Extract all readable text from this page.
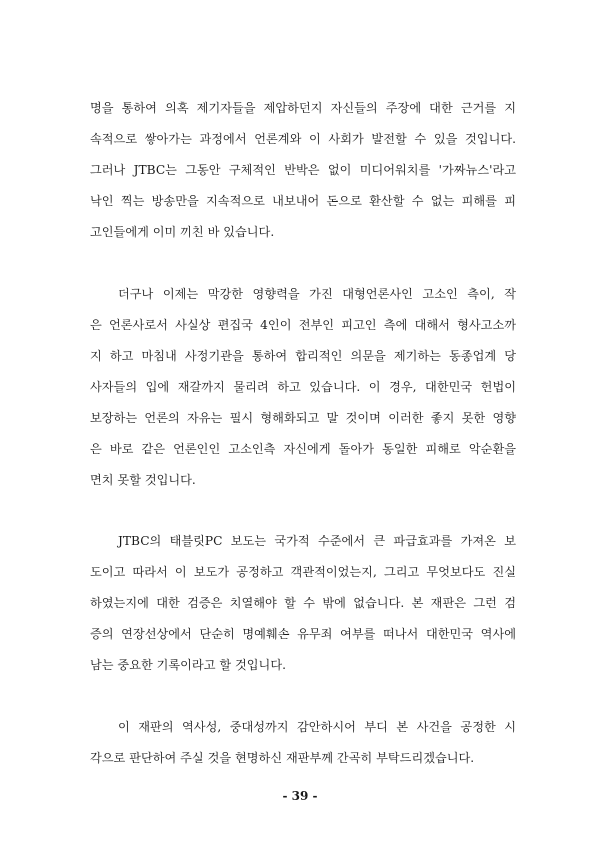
명을 통하여 의혹 제기자들을 제압하던지 자신들의 주장에 대한 근거를 지
속적으로 쌓아가는 과정에서 언론계와 이 사회가 발전할 수 있을 것입니다.
그러나 JTBC는 그동안 구체적인 반박은 없이 미디어워치를 '가짜뉴스'라고
낙인 찍는 방송만을 지속적으로 내보내어 돈으로 환산할 수 없는 피해를 피
고인들에게 이미 끼친 바 있습니다.
더구나 이제는 막강한 영향력을 가진 대형언론사인 고소인 측이, 작
은 언론사로서 사실상 편집국 4인이 전부인 피고인 측에 대해서 형사고소까
지 하고 마침내 사정기관을 통하여 합리적인 의문을 제기하는 동종업계 당
사자들의 입에 재갈까지 물리려 하고 있습니다. 이 경우, 대한민국 헌법이
보장하는 언론의 자유는 필시 형해화되고 말 것이며 이러한 좋지 못한 영향
은 바로 같은 언론인인 고소인측 자신에게 돌아가 동일한 피해로 악순환을
면치 못할 것입니다.
JTBC의 태블릿PC 보도는 국가적 수준에서 큰 파급효과를 가져온 보
도이고 따라서 이 보도가 공정하고 객관적이었는지, 그리고 무엇보다도 진실
하였는지에 대한 검증은 치열해야 할 수 밖에 없습니다. 본 재판은 그런 검
증의 연장선상에서 단순히 명예훼손 유무죄 여부를 떠나서 대한민국 역사에
남는 중요한 기록이라고 할 것입니다.
이 재판의 역사성, 중대성까지 감안하시어 부디 본 사건을 공정한 시
각으로 판단하여 주실 것을 현명하신 재판부께 간곡히 부탁드리겠습니다.
- 39 -
